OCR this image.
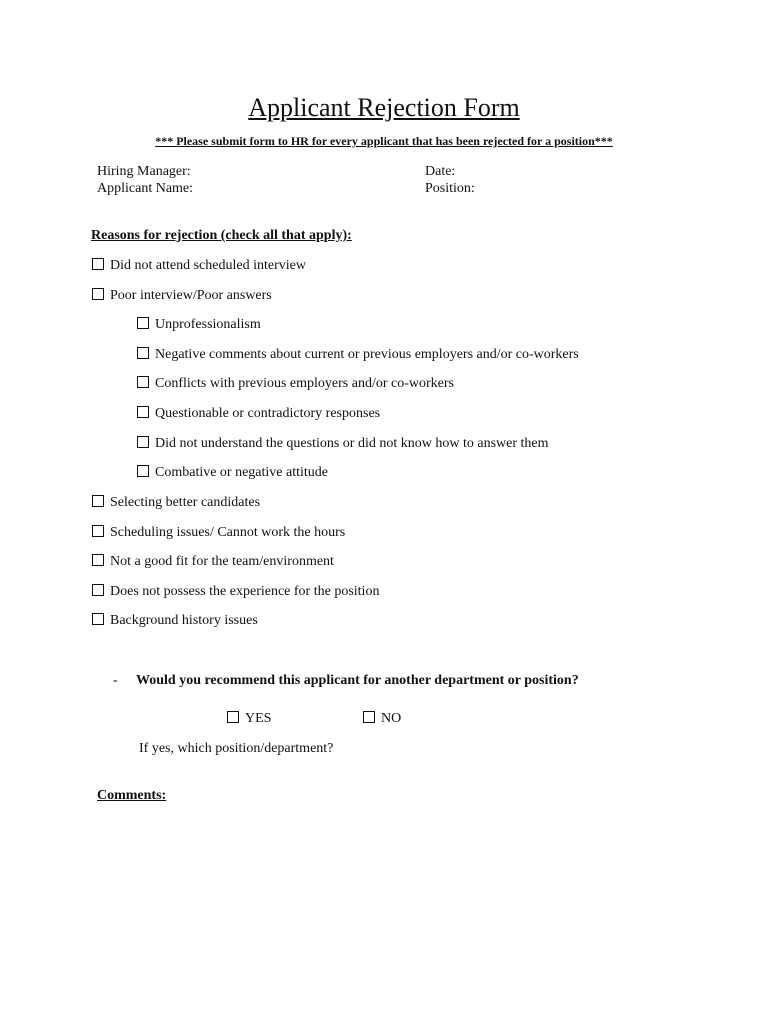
Applicant Rejection Form
*** Please submit form to HR for every applicant that has been rejected for a position***
Hiring Manager:
Applicant Name:
Date:
Position:
Reasons for rejection (check all that apply):
Did not attend scheduled interview
Poor interview/Poor answers
Unprofessionalism
Negative comments about current or previous employers and/or co-workers
Conflicts with previous employers and/or co-workers
Questionable or contradictory responses
Did not understand the questions or did not know how to answer them
Combative or negative attitude
Selecting better candidates
Scheduling issues/ Cannot work the hours
Not a good fit for the team/environment
Does not possess the experience for the position
Background history issues
- Would you recommend this applicant for another department or position?
YES	NO
If yes, which position/department?
Comments:
